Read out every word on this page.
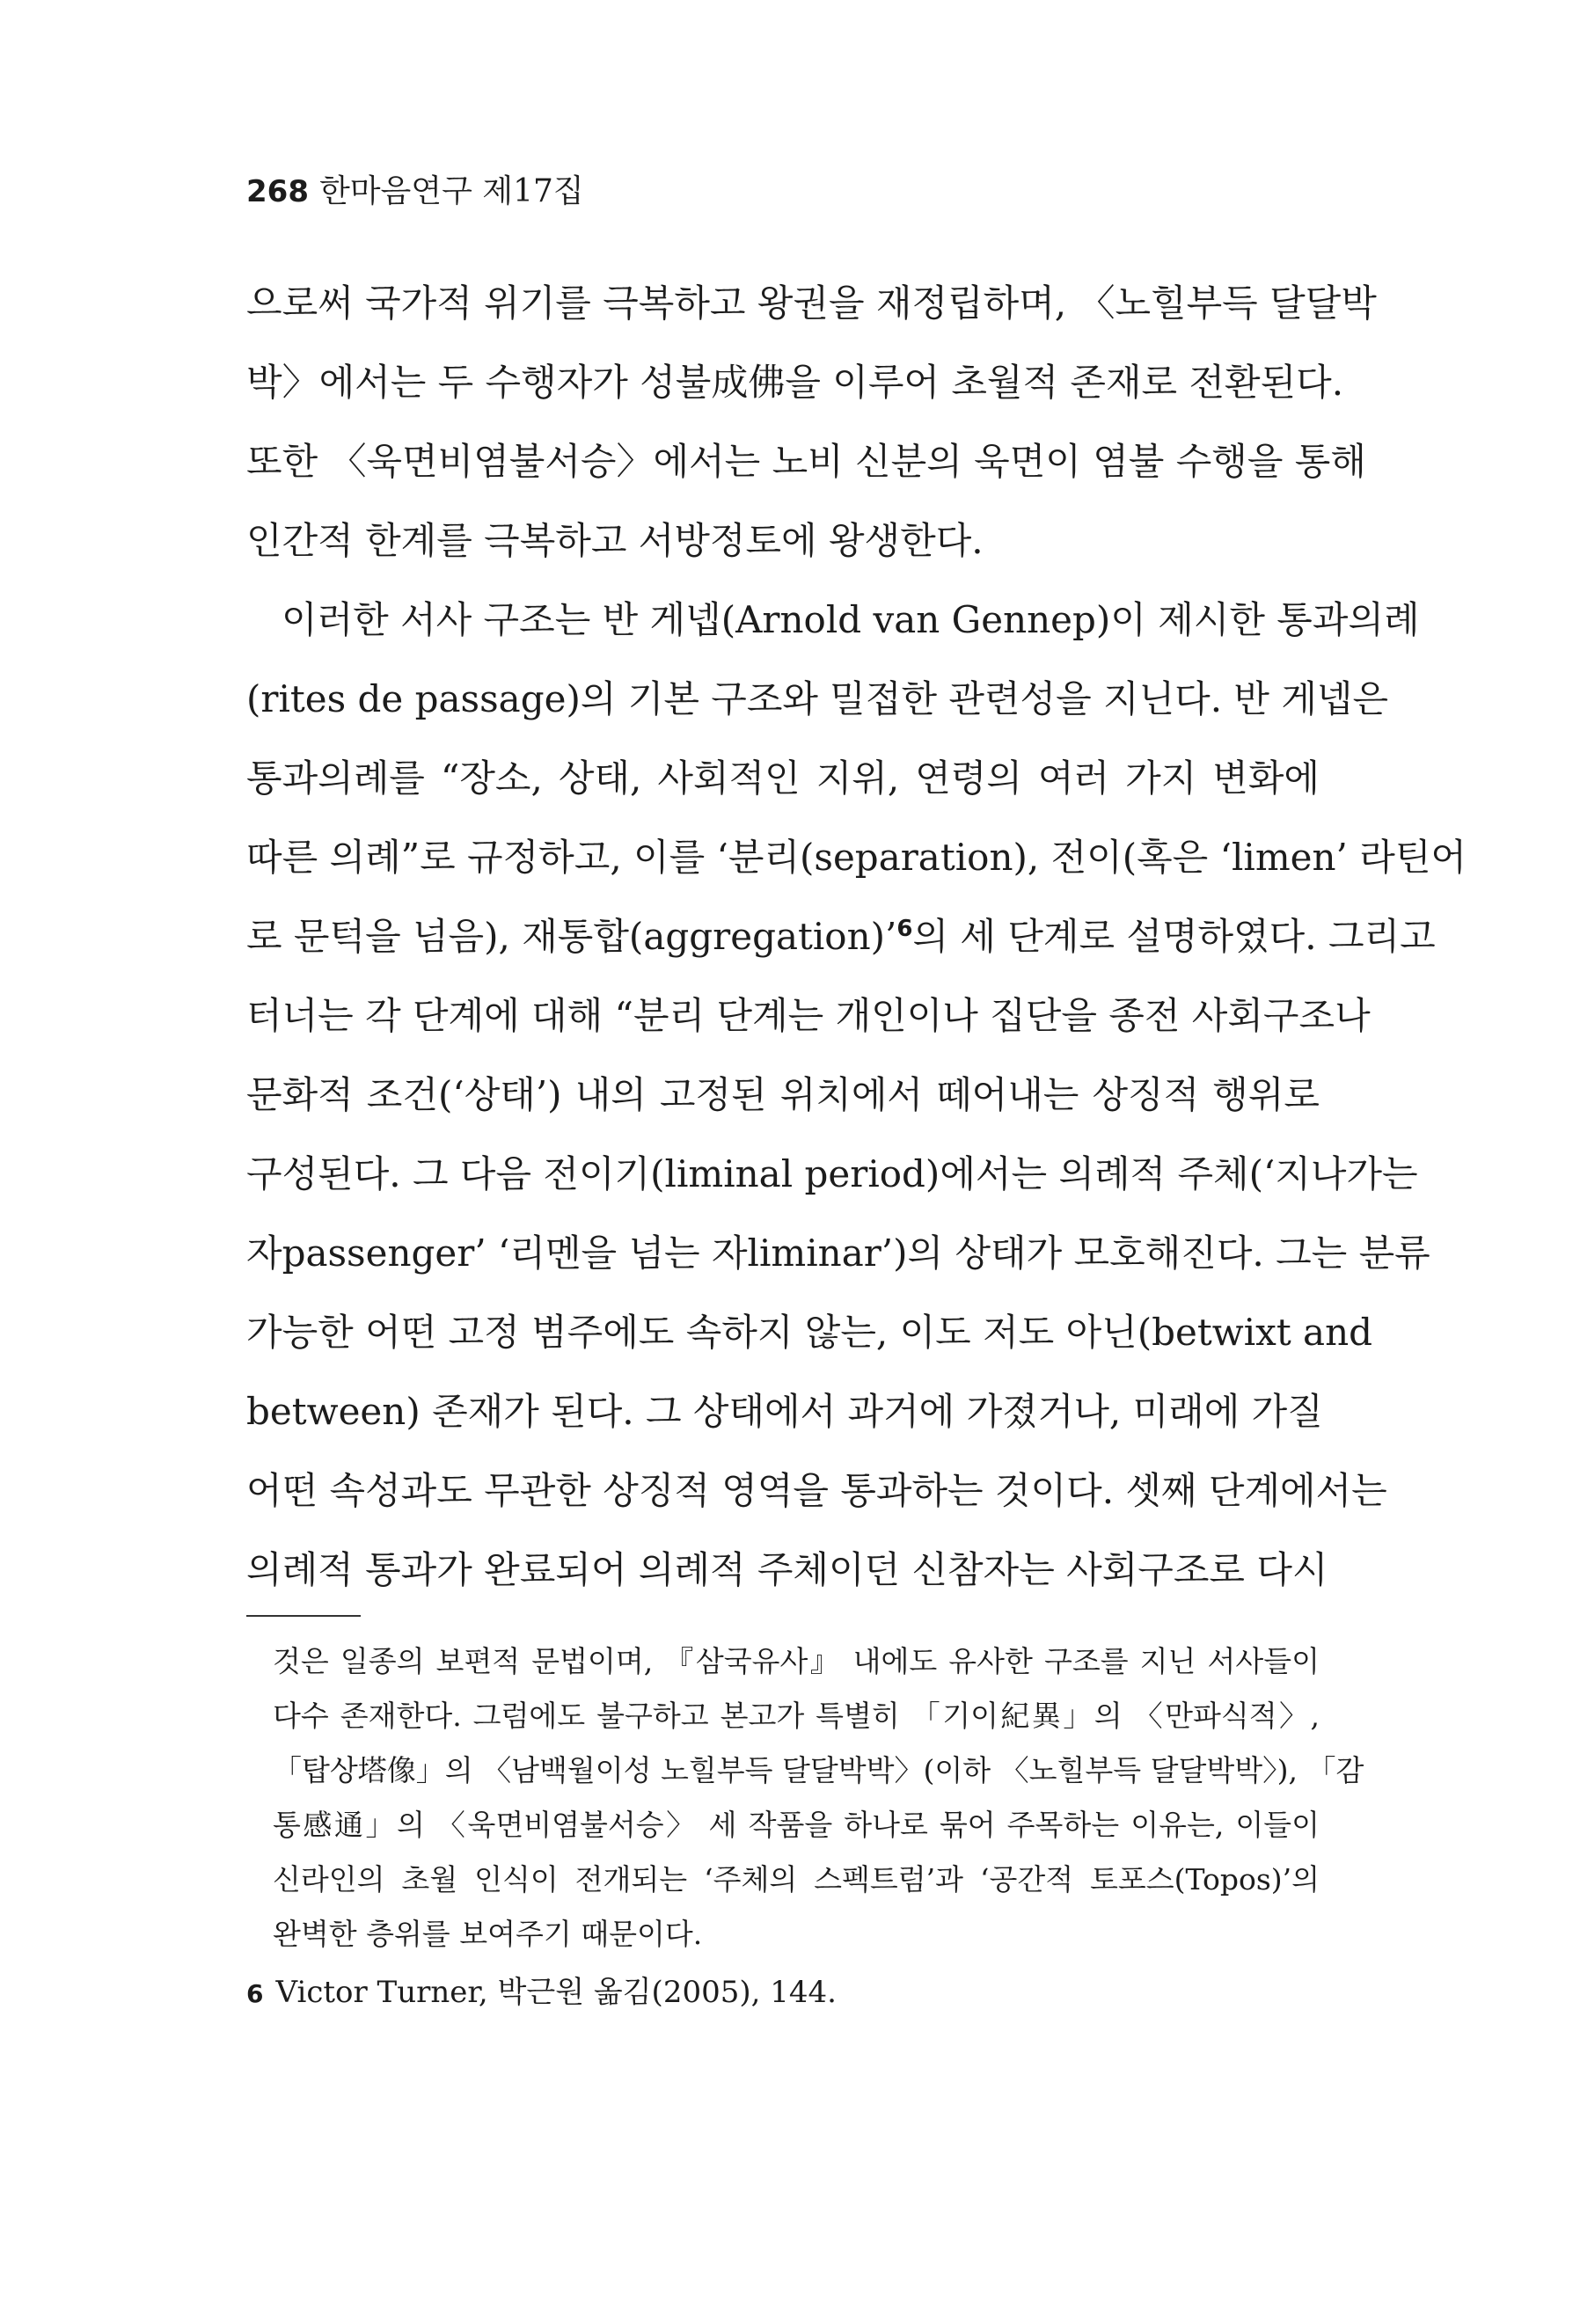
268 한마음연구 제17집
으로써 국가적 위기를 극복하고 왕권을 재정립하며, 〈노힐부득 달달박
박〉에서는 두 수행자가 성불成佛을 이루어 초월적 존재로 전환된다.
또한 〈욱면비염불서승〉에서는 노비 신분의 욱면이 염불 수행을 통해
인간적 한계를 극복하고 서방정토에 왕생한다.
이러한 서사 구조는 반 게넵(Arnold van Gennep)이 제시한 통과의례
(rites de passage)의 기본 구조와 밀접한 관련성을 지닌다. 반 게넵은
통과의례를 “장소, 상태, 사회적인 지위, 연령의 여러 가지 변화에
따른 의례”로 규정하고, 이를 ‘분리(separation), 전이(혹은 ‘limen’ 라틴어
로 문턱을 넘음), 재통합(aggregation)’$^6$의 세 단계로 설명하였다. 그리고
터너는 각 단계에 대해 “분리 단계는 개인이나 집단을 종전 사회구조나
문화적 조건(‘상태’) 내의 고정된 위치에서 떼어내는 상징적 행위로
구성된다. 그 다음 전이기(liminal period)에서는 의례적 주체(‘지나가는
자passenger’ ‘리멘을 넘는 자liminar’)의 상태가 모호해진다. 그는 분류
가능한 어떤 고정 범주에도 속하지 않는, 이도 저도 아닌(betwixt and
between) 존재가 된다. 그 상태에서 과거에 가졌거나, 미래에 가질
어떤 속성과도 무관한 상징적 영역을 통과하는 것이다. 셋째 단계에서는
의례적 통과가 완료되어 의례적 주체이던 신참자는 사회구조로 다시
것은 일종의 보편적 문법이며, 『삼국유사』 내에도 유사한 구조를 지닌 서사들이
다수 존재한다. 그럼에도 불구하고 본고가 특별히 「기이紀異」의 〈만파식적〉,
「탑상塔像」의 〈남백월이성 노힐부득 달달박박〉(이하 〈노힐부득 달달박박〉), 「감
통感通」의 〈욱면비염불서승〉 세 작품을 하나로 묶어 주목하는 이유는, 이들이
신라인의 초월 인식이 전개되는 ‘주체의 스펙트럼’과 ‘공간적 토포스(Topos)’의
완벽한 층위를 보여주기 때문이다.
6 Victor Turner, 박근원 옮김(2005), 144.
